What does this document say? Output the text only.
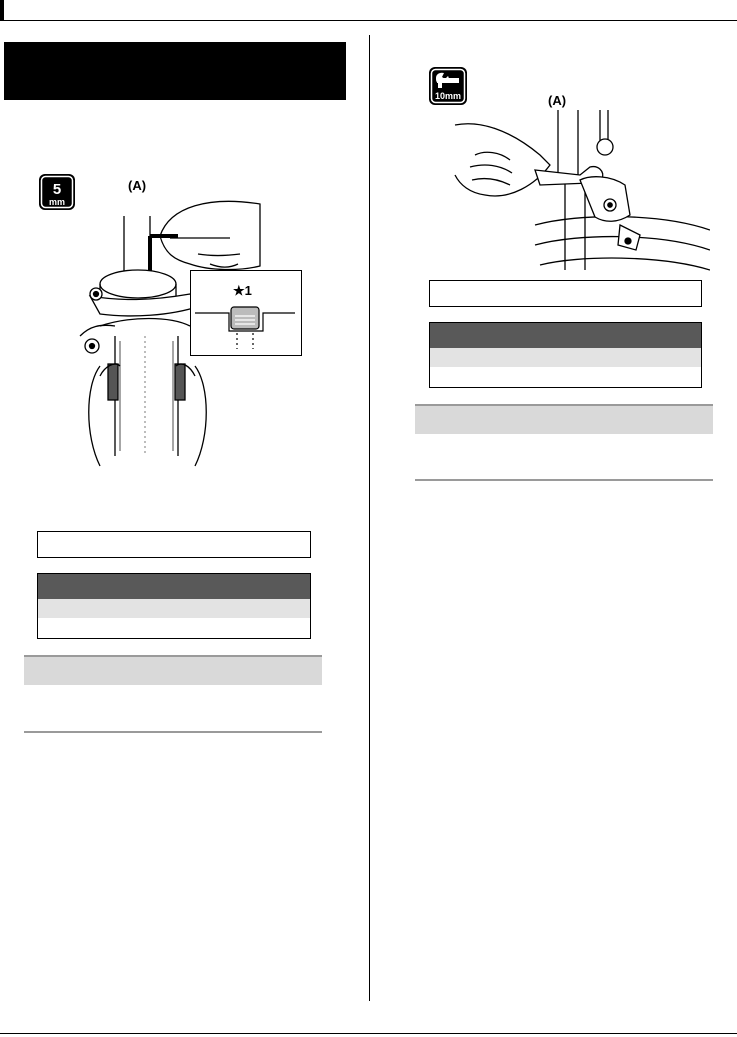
5
mm
(A)
★1
10mm	(A)
